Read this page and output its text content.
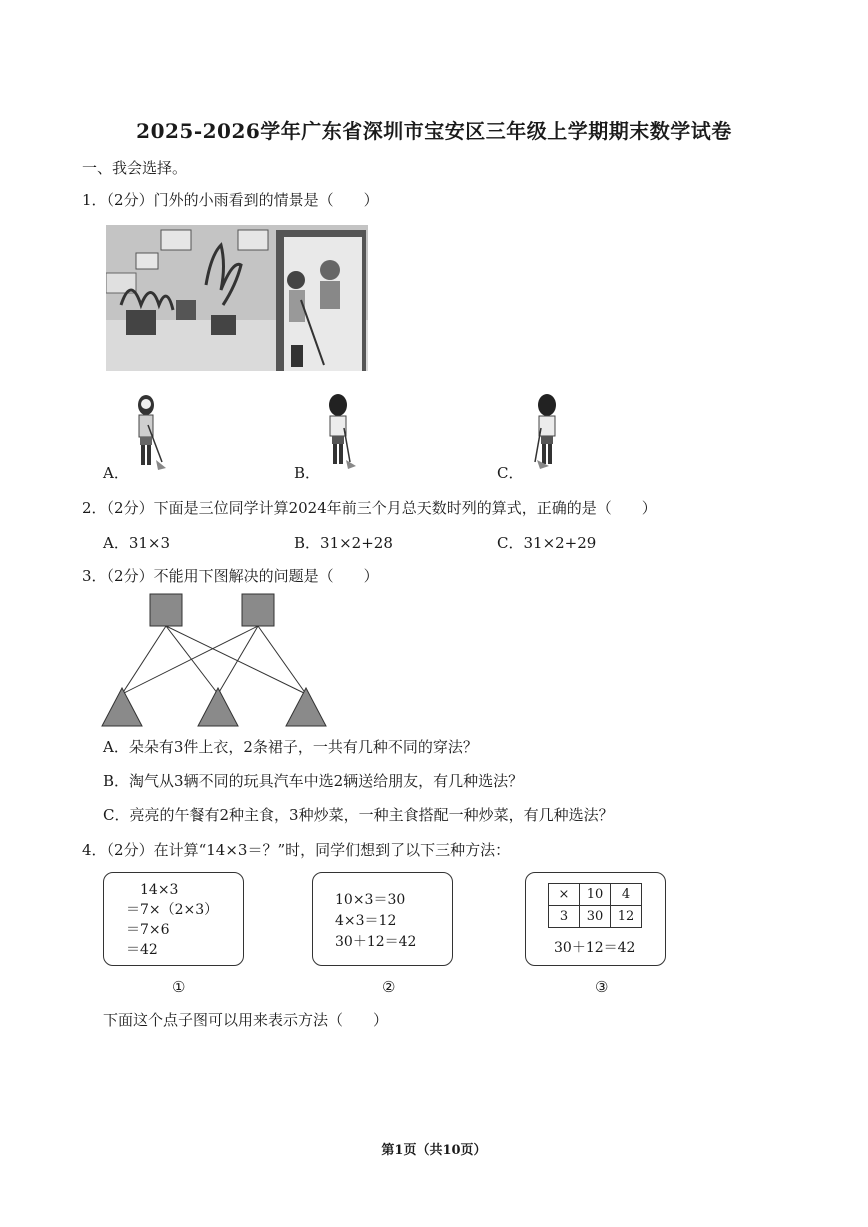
2025-2026学年广东省深圳市宝安区三年级上学期期末数学试卷
一、我会选择。
1．（2分）门外的小雨看到的情景是（　　）
A．	B．	C．
2．（2分）下面是三位同学计算2024年前三个月总天数时列的算式，正确的是（　　）
A．31×3	B．31×2+28	C．31×2+29
3．（2分）不能用下图解决的问题是（　　）
A．朵朵有3件上衣，2条裙子，一共有几种不同的穿法？
B．淘气从3辆不同的玩具汽车中选2辆送给朋友，有几种选法？
C．亮亮的午餐有2种主食，3种炒菜，一种主食搭配一种炒菜，有几种选法？
4．（2分）在计算“14×3＝？”时，同学们想到了以下三种方法：
14×3
＝7×（2×3）
＝7×6
＝42
10×3＝30
4×3＝12
30＋12＝42
×	10	4
3	30	12
30＋12＝42
①	②	③
下面这个点子图可以用来表示方法（　　）
第1页（共10页）
